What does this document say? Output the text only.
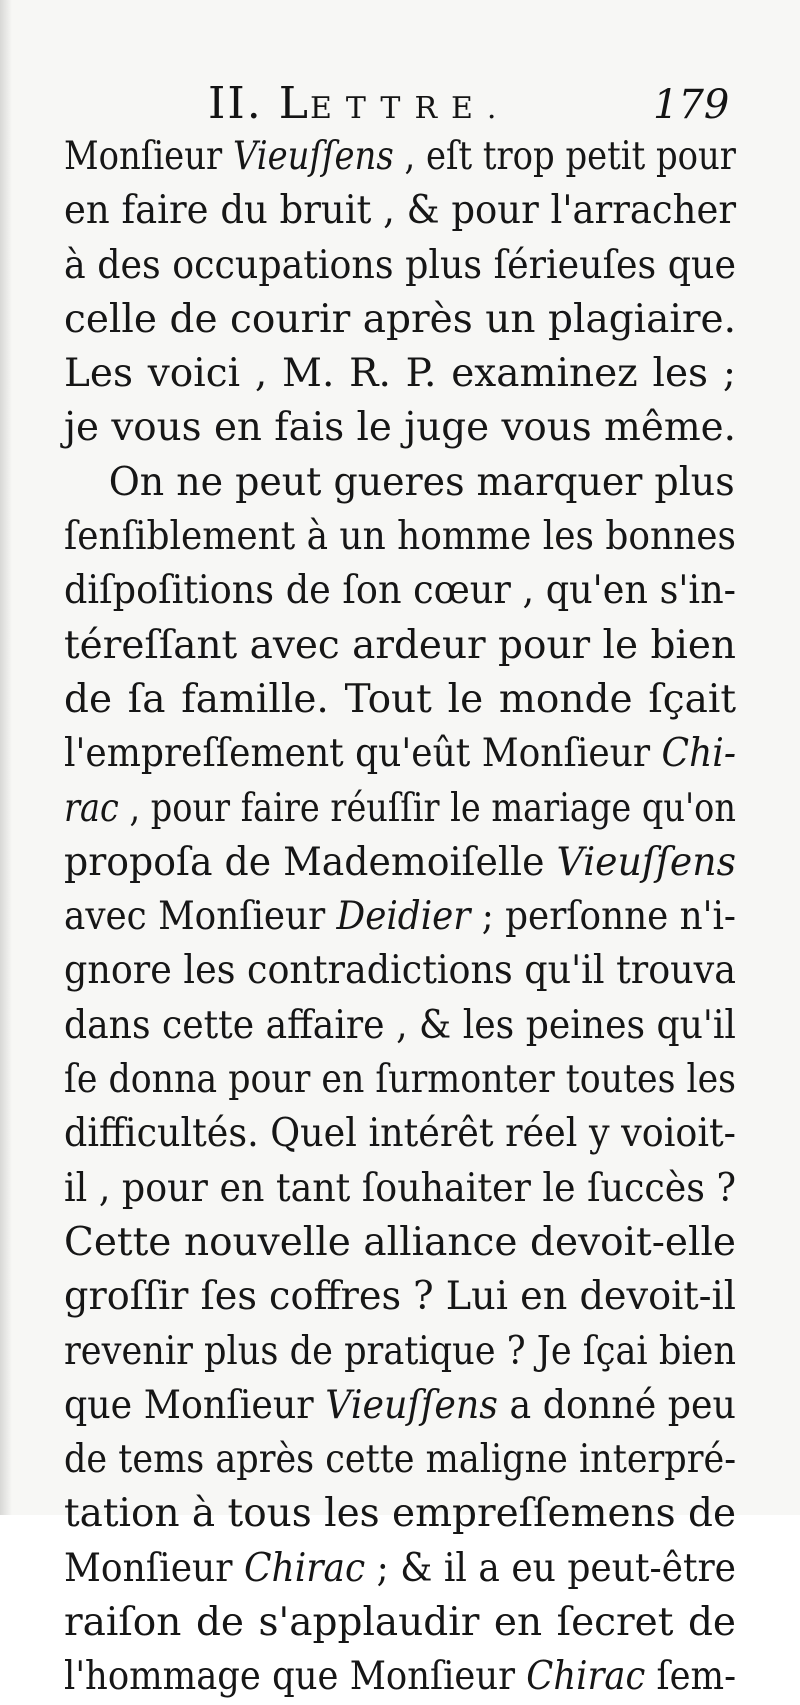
II. LETTRE.	179
Monſieur Vieuſſens , eſt trop petit pour
en faire du bruit , & pour l'arracher
à des occupations plus ſérieuſes que
celle de courir après un plagiaire.
Les voici , M. R. P. examinez les ;
je vous en fais le juge vous même.
On ne peut gueres marquer plus
ſenſiblement à un homme les bonnes
diſpoſitions de ſon cœur , qu'en s'in-
téreſſant avec ardeur pour le bien
de ſa famille. Tout le monde ſçait
l'empreſſement qu'eût Monſieur Chi-
rac , pour faire réuſſir le mariage qu'on
propoſa de Mademoiſelle Vieuſſens
avec Monſieur Deidier ; perſonne n'i-
gnore les contradictions qu'il trouva
dans cette affaire , & les peines qu'il
ſe donna pour en ſurmonter toutes les
difficultés. Quel intérêt réel y voioit-
il , pour en tant ſouhaiter le ſuccès ?
Cette nouvelle alliance devoit-elle
groſſir ſes coffres ? Lui en devoit-il
revenir plus de pratique ? Je ſçai bien
que Monſieur Vieuſſens a donné peu
de tems après cette maligne interpré-
tation à tous les empreſſemens de
Monſieur Chirac ; & il a eu peut-être
raiſon de s'applaudir en ſecret de
l'hommage que Monſieur Chirac ſem-
